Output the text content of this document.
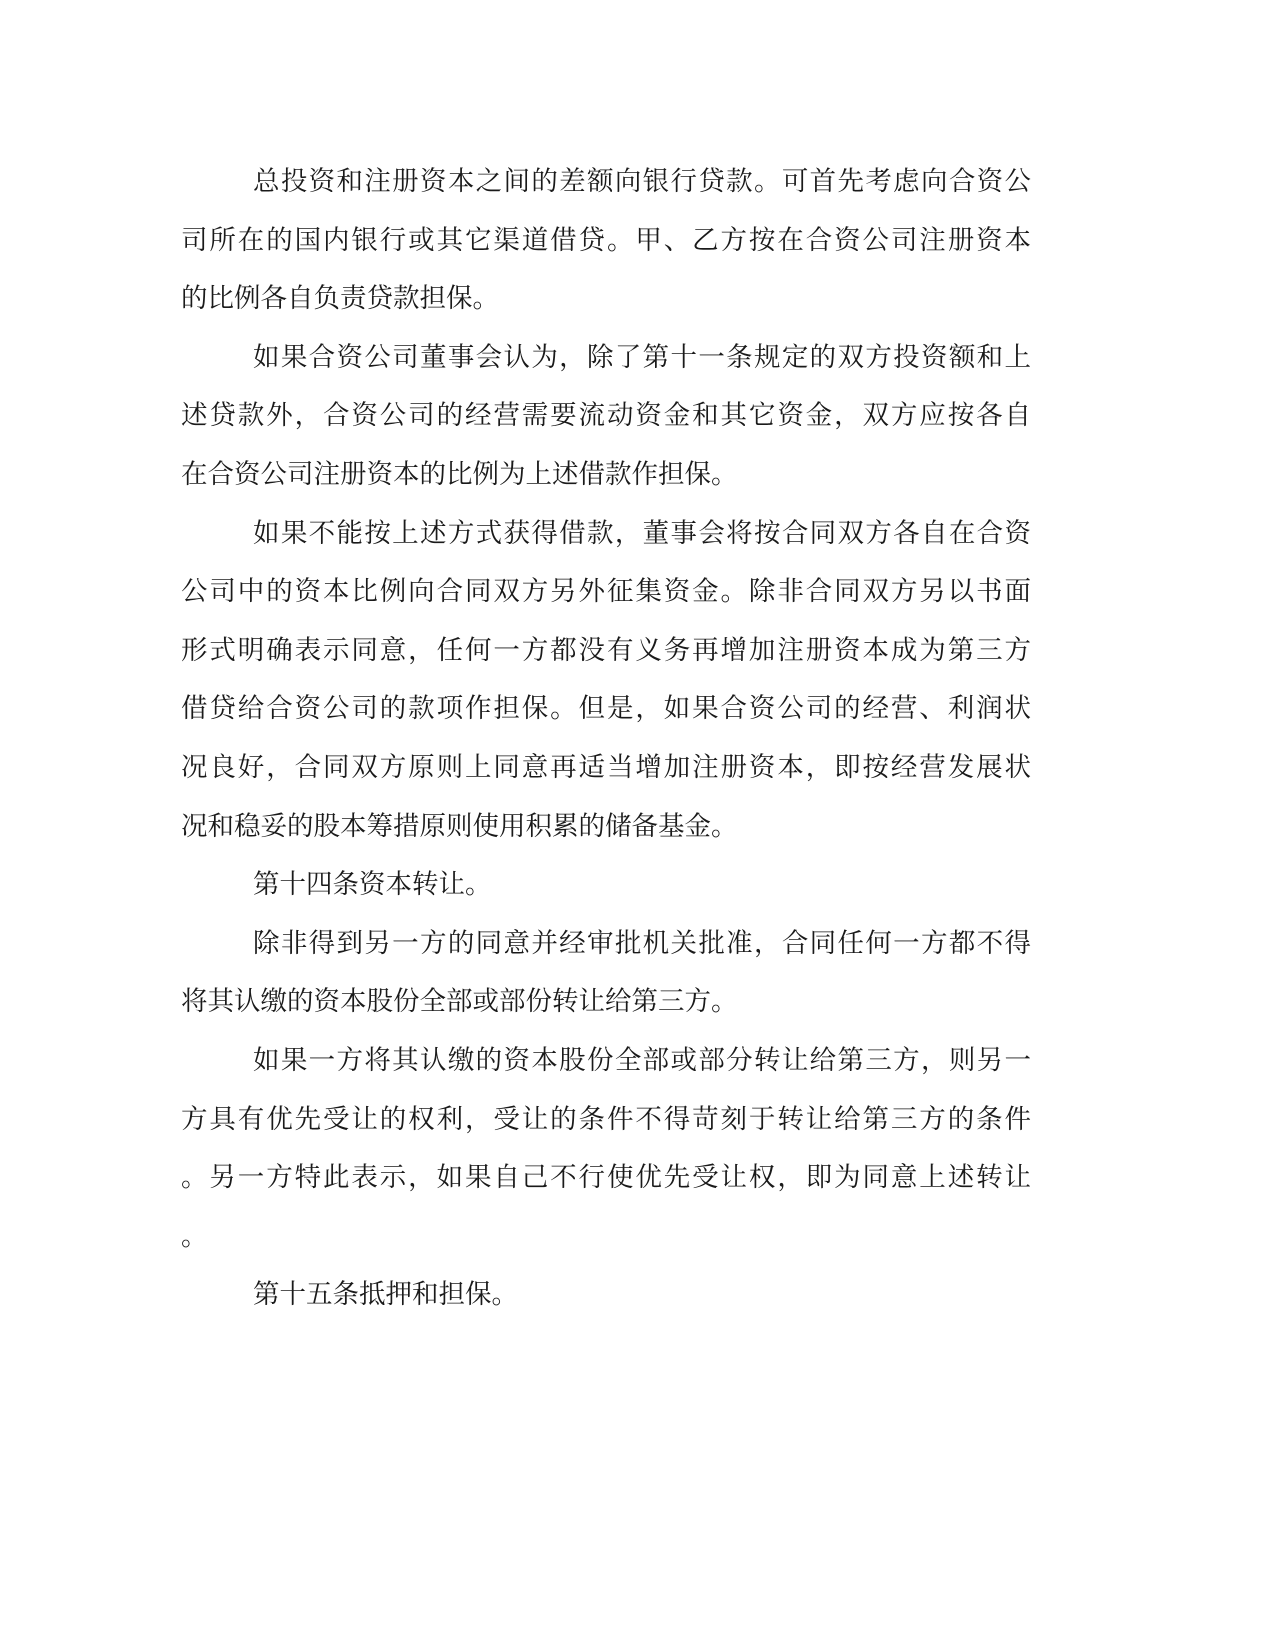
总投资和注册资本之间的差额向银行贷款。可首先考虑向合资公
司所在的国内银行或其它渠道借贷。甲、乙方按在合资公司注册资本
的比例各自负责贷款担保。
如果合资公司董事会认为，除了第十一条规定的双方投资额和上
述贷款外，合资公司的经营需要流动资金和其它资金，双方应按各自
在合资公司注册资本的比例为上述借款作担保。
如果不能按上述方式获得借款，董事会将按合同双方各自在合资
公司中的资本比例向合同双方另外征集资金。除非合同双方另以书面
形式明确表示同意，任何一方都没有义务再增加注册资本成为第三方
借贷给合资公司的款项作担保。但是，如果合资公司的经营、利润状
况良好，合同双方原则上同意再适当增加注册资本，即按经营发展状
况和稳妥的股本筹措原则使用积累的储备基金。
第十四条资本转让。
除非得到另一方的同意并经审批机关批准，合同任何一方都不得
将其认缴的资本股份全部或部份转让给第三方。
如果一方将其认缴的资本股份全部或部分转让给第三方，则另一
方具有优先受让的权利，受让的条件不得苛刻于转让给第三方的条件
。另一方特此表示，如果自己不行使优先受让权，即为同意上述转让
。
第十五条抵押和担保。
